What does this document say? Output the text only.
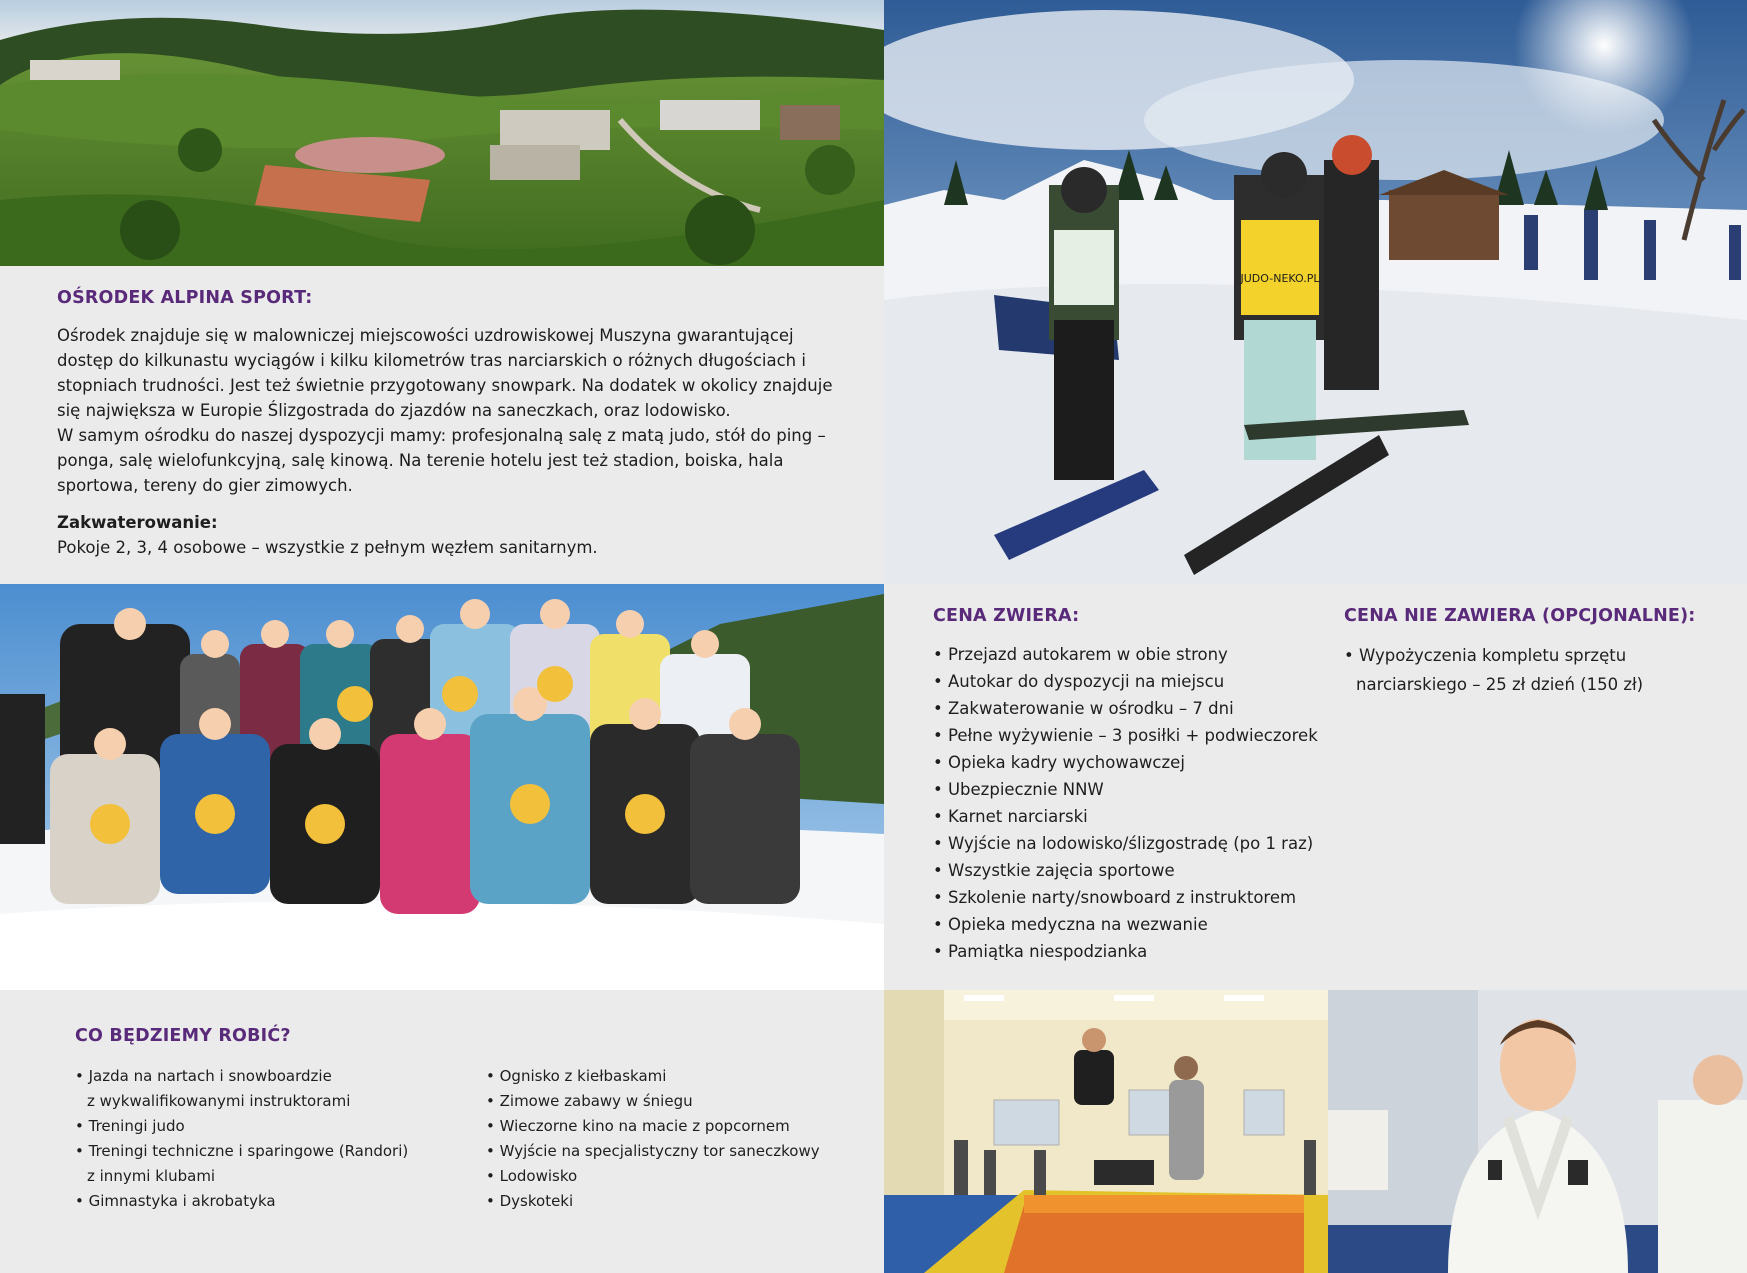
JUDO-NEKO.PL
OŚRODEK ALPINA SPORT:

Ośrodek znajduje się w malowniczej miejscowości uzdrowiskowej Muszyna gwarantującej

dostęp do kilkunastu wyciągów i kilku kilometrów tras narciarskich o różnych długościach i

stopniach trudności. Jest też świetnie przygotowany snowpark. Na dodatek w okolicy znajduje

się największa w Europie Ślizgostrada do zjazdów na saneczkach, oraz lodowisko.

W samym ośrodku do naszej dyspozycji mamy: profesjonalną salę z matą judo, stół do ping –

ponga, salę wielofunkcyjną, salę kinową. Na terenie hotelu jest też stadion, boiska, hala

sportowa, tereny do gier zimowych.

Zakwaterowanie:
Pokoje 2, 3, 4 osobowe – wszystkie z pełnym węzłem sanitarnym.
CENA ZWIERA:
• Przejazd autokarem w obie strony
• Autokar do dyspozycji na miejscu
• Zakwaterowanie w ośrodku – 7 dni
• Pełne wyżywienie – 3 posiłki + podwieczorek
• Opieka kadry wychowawczej
• Ubezpiecznie NNW
• Karnet narciarski
• Wyjście na lodowisko/ślizgostradę (po 1 raz)
• Wszystkie zajęcia sportowe
• Szkolenie narty/snowboard z instruktorem
• Opieka medyczna na wezwanie
• Pamiątka niespodzianka
CENA NIE ZAWIERA (OPCJONALNE):
• Wypożyczenia kompletu sprzętu
narciarskiego – 25 zł dzień (150 zł)
CO BĘDZIEMY ROBIĆ?
• Jazda na nartach i snowboardzie
z wykwalifikowanymi instruktorami
• Treningi judo
• Treningi techniczne i sparingowe (Randori)
z innymi klubami
• Gimnastyka i akrobatyka
• Ognisko z kiełbaskami
• Zimowe zabawy w śniegu
• Wieczorne kino na macie z popcornem
• Wyjście na specjalistyczny tor saneczkowy
• Lodowisko
• Dyskoteki
